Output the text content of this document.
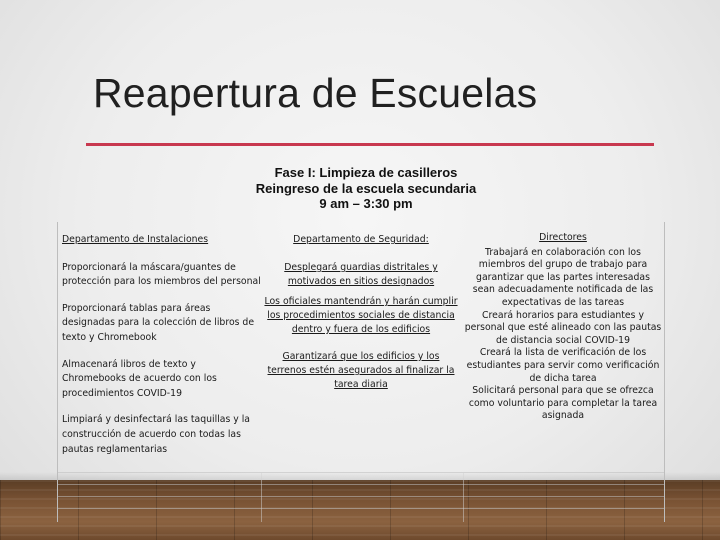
Reapertura de Escuelas
Fase I: Limpieza de casilleros
Reingreso de la escuela secundaria
9 am – 3:30 pm
Departamento de Instalaciones

Proporcionará la máscara/guantes de protección para los miembros del personal

Proporcionará tablas para áreas designadas para la colección de libros de texto y Chromebook

Almacenará libros de texto y Chromebooks de acuerdo con los procedimientos COVID-19

Limpiará y desinfectará las taquillas y la construcción de acuerdo con todas las pautas reglamentarias

Departamento de Seguridad:

Desplegará guardias distritales y motivados en sitios designados

Los oficiales mantendrán y harán cumplir los procedimientos sociales de distancia dentro y fuera de los edificios

Garantizará que los edificios y los terrenos estén asegurados al finalizar la tarea diaria

Directores

Trabajará en colaboración con los miembros del grupo de trabajo para garantizar que las partes interesadas sean adecuadamente notificada de las expectativas de las tareas

Creará horarios para estudiantes y personal que esté alineado con las pautas de distancia social COVID-19

Creará la lista de verificación de los estudiantes para servir como verificación de dicha tarea

Solicitará personal para que se ofrezca como voluntario para completar la tarea asignada
